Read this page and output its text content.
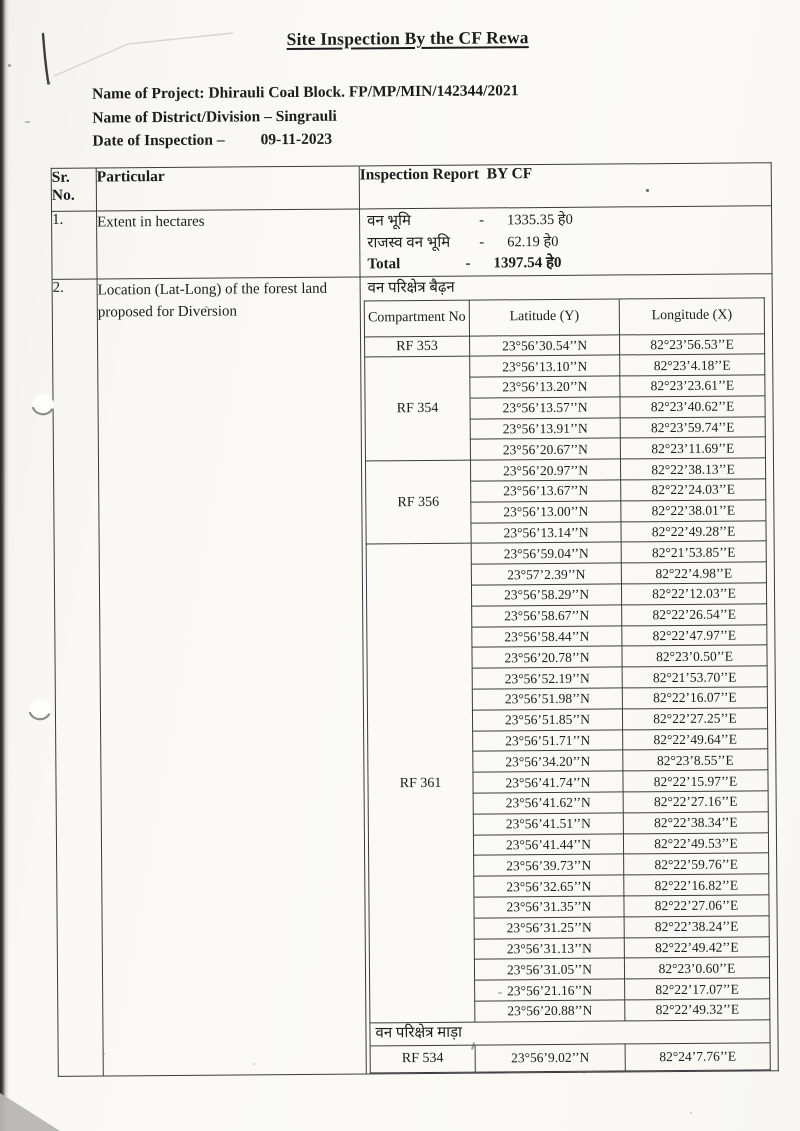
Site Inspection By the CF Rewa
Name of Project: Dhirauli Coal Block. FP/MP/MIN/142344/2021
Name of District/Division – Singrauli
Date of Inspection – 09-11-2023
Sr.
No.
	Particular	Inspection Report  BY CF
1.	Extent in hectares	वन भूमि	-	1335.35 हे0
राजस्व वन भूमि	-	62.19 हे0
Total	-	1397.54 हे0

2.	Location (Lat-Long) of the forest land proposed for Diversion	
वन परिक्षेत्र बैढ़न
Compartment No	Latitude (Y)	Longitude (X)
RF 353	23°56’30.54’’N	82°23’56.53’’E
RF 354	23°56’13.10’’N	82°23’4.18’’E
23°56’13.20’’N	82°23’23.61’’E
23°56’13.57’’N	82°23’40.62’’E
23°56’13.91’’N	82°23’59.74’’E
23°56’20.67’’N	82°23’11.69’’E
RF 356	23°56’20.97’’N	82°22’38.13’’E
23°56’13.67’’N	82°22’24.03’’E
23°56’13.00’’N	82°22’38.01’’E
23°56’13.14’’N	82°22’49.28’’E
RF 361	23°56’59.04’’N	82°21’53.85’’E
23°57’2.39’’N	82°22’4.98’’E
23°56’58.29’’N	82°22’12.03’’E
23°56’58.67’’N	82°22’26.54’’E
23°56’58.44’’N	82°22’47.97’’E
23°56’20.78’’N	82°23’0.50’’E
23°56’52.19’’N	82°21’53.70’’E
23°56’51.98’’N	82°22’16.07’’E
23°56’51.85’’N	82°22’27.25’’E
23°56’51.71’’N	82°22’49.64’’E
23°56’34.20’’N	82°23’8.55’’E
23°56’41.74’’N	82°22’15.97’’E
23°56’41.62’’N	82°22’27.16’’E
23°56’41.51’’N	82°22’38.34’’E
23°56’41.44’’N	82°22’49.53’’E
23°56’39.73’’N	82°22’59.76’’E
23°56’32.65’’N	82°22’16.82’’E
23°56’31.35’’N	82°22’27.06’’E
23°56’31.25’’N	82°22’38.24’’E
23°56’31.13’’N	82°22’49.42’’E
23°56’31.05’’N	82°23’0.60’’E
23°56’21.16’’N	82°22’17.07’’E
23°56’20.88’’N	82°22’49.32’’E
वन परिक्षेत्र माड़ा
RF 534	23°56’9.02’’N	82°24’7.76’’E
